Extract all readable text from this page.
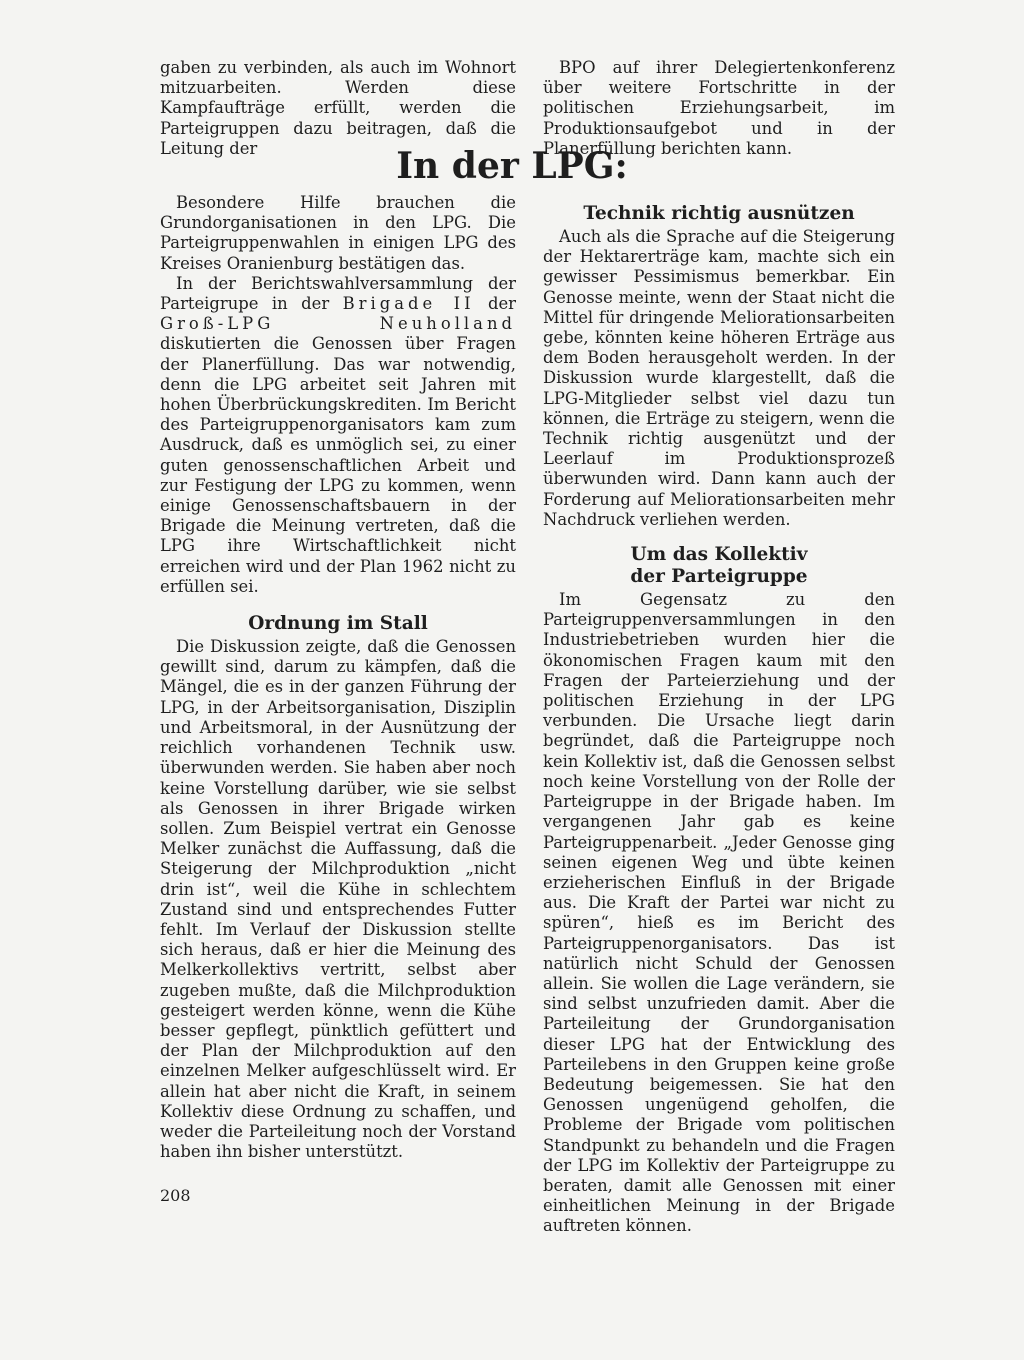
gaben zu verbinden, als auch im Wohnort mitzuarbeiten. Werden diese Kampfaufträge erfüllt, werden die Parteigruppen dazu beitragen, daß die Leitung der

Besondere Hilfe brauchen die Grundorganisationen in den LPG. Die Parteigruppenwahlen in einigen LPG des Kreises Oranienburg bestätigen das.

In der Berichtswahlversammlung der Parteigrupe in der Brigade II der Groß-LPG Neuholland diskutierten die Genossen über Fragen der Planerfüllung. Das war notwendig, denn die LPG arbeitet seit Jahren mit hohen Überbrückungskrediten. Im Bericht des Parteigruppenorganisators kam zum Ausdruck, daß es unmöglich sei, zu einer guten genossenschaftlichen Arbeit und zur Festigung der LPG zu kommen, wenn einige Genossenschaftsbauern in der Brigade die Meinung vertreten, daß die LPG ihre Wirtschaftlichkeit nicht erreichen wird und der Plan 1962 nicht zu erfüllen sei.

Ordnung im Stall

Die Diskussion zeigte, daß die Genossen gewillt sind, darum zu kämpfen, daß die Mängel, die es in der ganzen Führung der LPG, in der Arbeitsorganisation, Disziplin und Arbeitsmoral, in der Ausnützung der reichlich vorhandenen Technik usw. überwunden werden. Sie haben aber noch keine Vorstellung darüber, wie sie selbst als Genossen in ihrer Brigade wirken sollen. Zum Beispiel vertrat ein Genosse Melker zunächst die Auffassung, daß die Steigerung der Milchproduktion „nicht drin ist“, weil die Kühe in schlechtem Zustand sind und entsprechendes Futter fehlt. Im Verlauf der Diskussion stellte sich heraus, daß er hier die Meinung des Melkerkollektivs vertritt, selbst aber zugeben mußte, daß die Milchproduktion gesteigert werden könne, wenn die Kühe besser gepflegt, pünktlich gefüttert und der Plan der Milchproduktion auf den einzelnen Melker aufgeschlüsselt wird. Er allein hat aber nicht die Kraft, in seinem Kollektiv diese Ordnung zu schaffen, und weder die Parteileitung noch der Vorstand haben ihn bisher unterstützt.

In der LPG:

BPO auf ihrer Delegiertenkonferenz über weitere Fortschritte in der politischen Erziehungsarbeit, im Produktionsaufgebot und in der Planerfüllung berichten kann.

Technik richtig ausnützen

Auch als die Sprache auf die Steigerung der Hektarerträge kam, machte sich ein gewisser Pessimismus bemerkbar. Ein Genosse meinte, wenn der Staat nicht die Mittel für dringende Meliorationsarbeiten gebe, könnten keine höheren Erträge aus dem Boden herausgeholt werden. In der Diskussion wurde klargestellt, daß die LPG-Mitglieder selbst viel dazu tun können, die Erträge zu steigern, wenn die Technik richtig ausgenützt und der Leerlauf im Produktionsprozeß überwunden wird. Dann kann auch der Forderung auf Meliorationsarbeiten mehr Nachdruck verliehen werden.

Um das Kollektiv
der Parteigruppe

Im Gegensatz zu den Parteigruppenversammlungen in den Industriebetrieben wurden hier die ökonomischen Fragen kaum mit den Fragen der Parteierziehung und der politischen Erziehung in der LPG verbunden. Die Ursache liegt darin begründet, daß die Parteigruppe noch kein Kollektiv ist, daß die Genossen selbst noch keine Vorstellung von der Rolle der Parteigruppe in der Brigade haben. Im vergangenen Jahr gab es keine Parteigruppenarbeit. „Jeder Genosse ging seinen eigenen Weg und übte keinen erzieherischen Einfluß in der Brigade aus. Die Kraft der Partei war nicht zu spüren“, hieß es im Bericht des Parteigruppenorganisators. Das ist natürlich nicht Schuld der Genossen allein. Sie wollen die Lage verändern, sie sind selbst unzufrieden damit. Aber die Parteileitung der Grundorganisation dieser LPG hat der Entwicklung des Parteilebens in den Gruppen keine große Bedeutung beigemessen. Sie hat den Genossen ungenügend geholfen, die Probleme der Brigade vom politischen Standpunkt zu behandeln und die Fragen der LPG im Kollektiv der Parteigruppe zu beraten, damit alle Genossen mit einer einheitlichen Meinung in der Brigade auftreten können.

208
